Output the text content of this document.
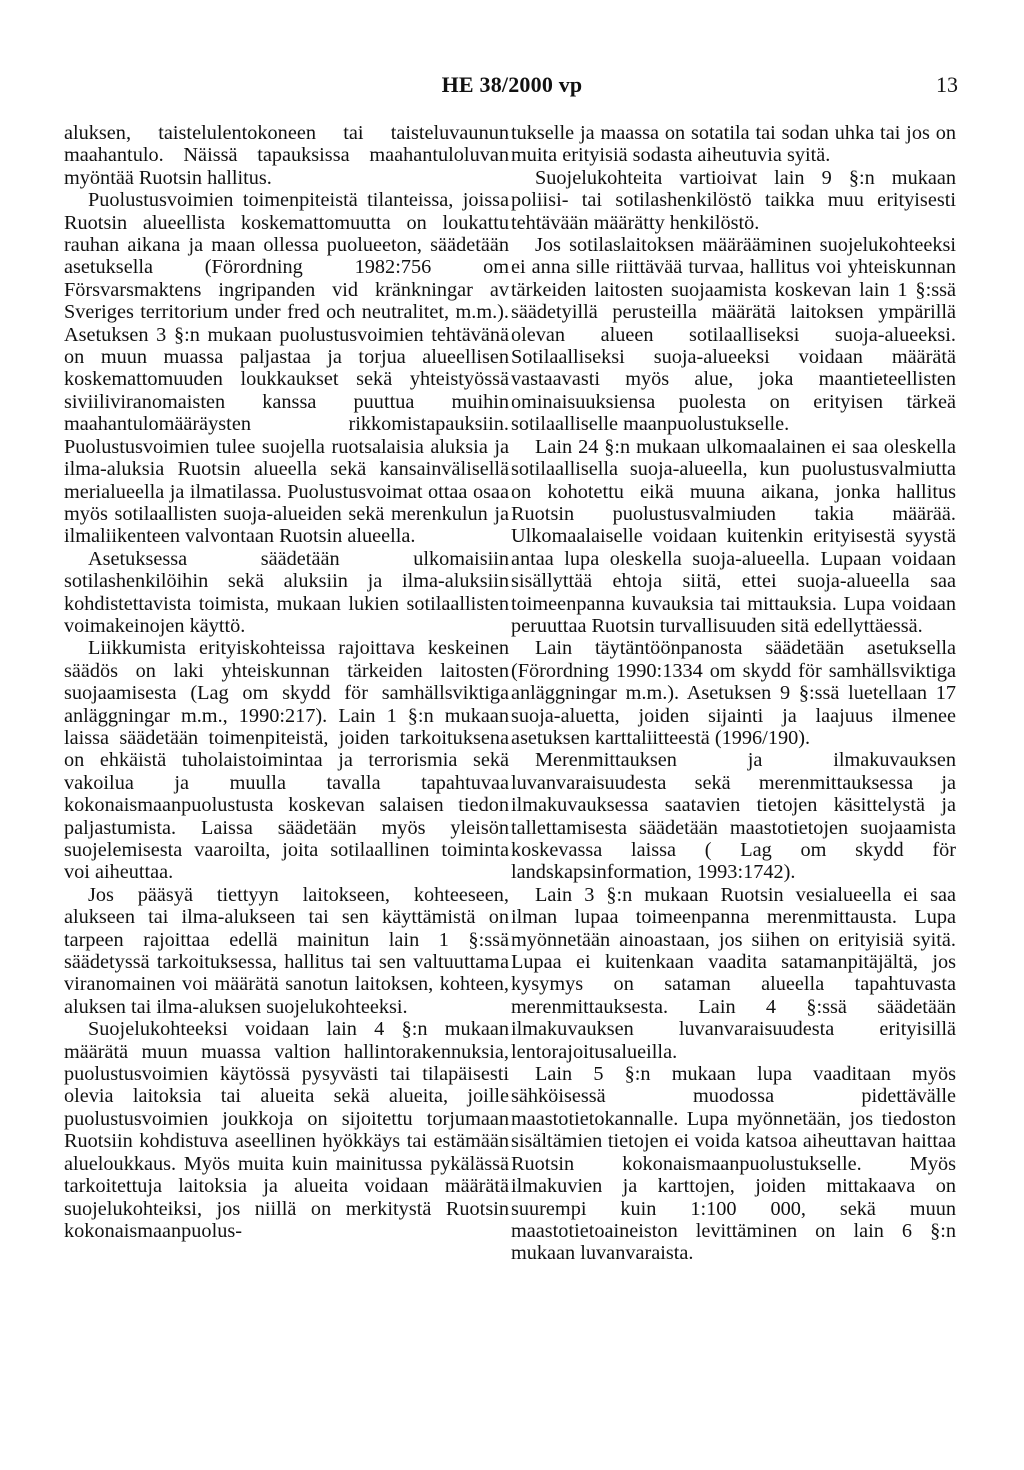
HE 38/2000 vp	13

aluksen, taistelulentokoneen tai taisteluvaunun maahantulo. Näissä tapauksissa maahantuloluvan myöntää Ruotsin hallitus.

Puolustusvoimien toimenpiteistä tilanteissa, joissa Ruotsin alueellista koskemattomuutta on loukattu rauhan aikana ja maan ollessa puolueeton, säädetään asetuksella (Förordning 1982:756 om Försvarsmaktens ingripanden vid kränkningar av Sveriges territorium under fred och neutralitet, m.m.). Asetuksen 3 §:n mukaan puolustusvoimien tehtävänä on muun muassa paljastaa ja torjua alueellisen koskemattomuuden loukkaukset sekä yhteistyössä siviiliviranomaisten kanssa puuttua muihin maahantulomääräysten rikkomistapauksiin. Puolustusvoimien tulee suojella ruotsalaisia aluksia ja ilma-aluksia Ruotsin alueella sekä kansainvälisellä merialueella ja ilmatilassa. Puolustusvoimat ottaa osaa myös sotilaallisten suoja-alueiden sekä merenkulun ja ilmaliikenteen valvontaan Ruotsin alueella.

Asetuksessa säädetään ulkomaisiin sotilashenkilöihin sekä aluksiin ja ilma-aluksiin kohdistettavista toimista, mukaan lukien sotilaallisten voimakeinojen käyttö.

Liikkumista erityiskohteissa rajoittava keskeinen säädös on laki yhteiskunnan tärkeiden laitosten suojaamisesta (Lag om skydd för samhällsviktiga anläggningar m.m., 1990:217). Lain 1 §:n mukaan laissa säädetään toimenpiteistä, joiden tarkoituksena on ehkäistä tuholaistoimintaa ja terrorismia sekä vakoilua ja muulla tavalla tapahtuvaa kokonaismaanpuolustusta koskevan salaisen tiedon paljastumista. Laissa säädetään myös yleisön suojelemisesta vaaroilta, joita sotilaallinen toiminta voi aiheuttaa.

Jos pääsyä tiettyyn laitokseen, kohteeseen, alukseen tai ilma-alukseen tai sen käyttämistä on tarpeen rajoittaa edellä mainitun lain 1 §:ssä säädetyssä tarkoituksessa, hallitus tai sen valtuuttama viranomainen voi määrätä sanotun laitoksen, kohteen, aluksen tai ilma-aluksen suojelukohteeksi.

Suojelukohteeksi voidaan lain 4 §:n mukaan määrätä muun muassa valtion hallintorakennuksia, puolustusvoimien käytössä pysyvästi tai tilapäisesti olevia laitoksia tai alueita sekä alueita, joille puolustusvoimien joukkoja on sijoitettu torjumaan Ruotsiin kohdistuva aseellinen hyökkäys tai estämään alueloukkaus. Myös muita kuin mainitussa pykälässä tarkoitettuja laitoksia ja alueita voidaan määrätä suojelukohteiksi, jos niillä on merkitystä Ruotsin kokonaismaanpuolus-

tukselle ja maassa on sotatila tai sodan uhka tai jos on muita erityisiä sodasta aiheutuvia syitä.

Suojelukohteita vartioivat lain 9 §:n mukaan poliisi- tai sotilashenkilöstö taikka muu erityisesti tehtävään määrätty henkilöstö.

Jos sotilaslaitoksen määrääminen suojelukohteeksi ei anna sille riittävää turvaa, hallitus voi yhteiskunnan tärkeiden laitosten suojaamista koskevan lain 1 §:ssä säädetyillä perusteilla määrätä laitoksen ympärillä olevan alueen sotilaalliseksi suoja-alueeksi. Sotilaalliseksi suoja-alueeksi voidaan määrätä vastaavasti myös alue, joka maantieteellisten ominaisuuksiensa puolesta on erityisen tärkeä sotilaalliselle maanpuolustukselle.

Lain 24 §:n mukaan ulkomaalainen ei saa oleskella sotilaallisella suoja-alueella, kun puolustusvalmiutta on kohotettu eikä muuna aikana, jonka hallitus Ruotsin puolustusvalmiuden takia määrää. Ulkomaalaiselle voidaan kuitenkin erityisestä syystä antaa lupa oleskella suoja-alueella. Lupaan voidaan sisällyttää ehtoja siitä, ettei suoja-alueella saa toimeenpanna kuvauksia tai mittauksia. Lupa voidaan peruuttaa Ruotsin turvallisuuden sitä edellyttäessä.

Lain täytäntöönpanosta säädetään asetuksella (Förordning 1990:1334 om skydd för samhällsviktiga anläggningar m.m.). Asetuksen 9 §:ssä luetellaan 17 suoja-aluetta, joiden sijainti ja laajuus ilmenee asetuksen karttaliitteestä (1996/190).

Merenmittauksen ja ilmakuvauksen luvanvaraisuudesta sekä merenmittauksessa ja ilmakuvauksessa saatavien tietojen käsittelystä ja tallettamisesta säädetään maastotietojen suojaamista koskevassa laissa ( Lag om skydd för landskapsinformation, 1993:1742).

Lain 3 §:n mukaan Ruotsin vesialueella ei saa ilman lupaa toimeenpanna merenmittausta. Lupa myönnetään ainoastaan, jos siihen on erityisiä syitä. Lupaa ei kuitenkaan vaadita satamanpitäjältä, jos kysymys on sataman alueella tapahtuvasta merenmittauksesta. Lain 4 §:ssä säädetään ilmakuvauksen luvanvaraisuudesta erityisillä lentorajoitusalueilla.

Lain 5 §:n mukaan lupa vaaditaan myös sähköisessä muodossa pidettävälle maastotietokannalle. Lupa myönnetään, jos tiedoston sisältämien tietojen ei voida katsoa aiheuttavan haittaa Ruotsin kokonaismaanpuolustukselle. Myös ilmakuvien ja karttojen, joiden mittakaava on suurempi kuin 1:100 000, sekä muun maastotietoaineiston levittäminen on lain 6 §:n mukaan luvanvaraista.
